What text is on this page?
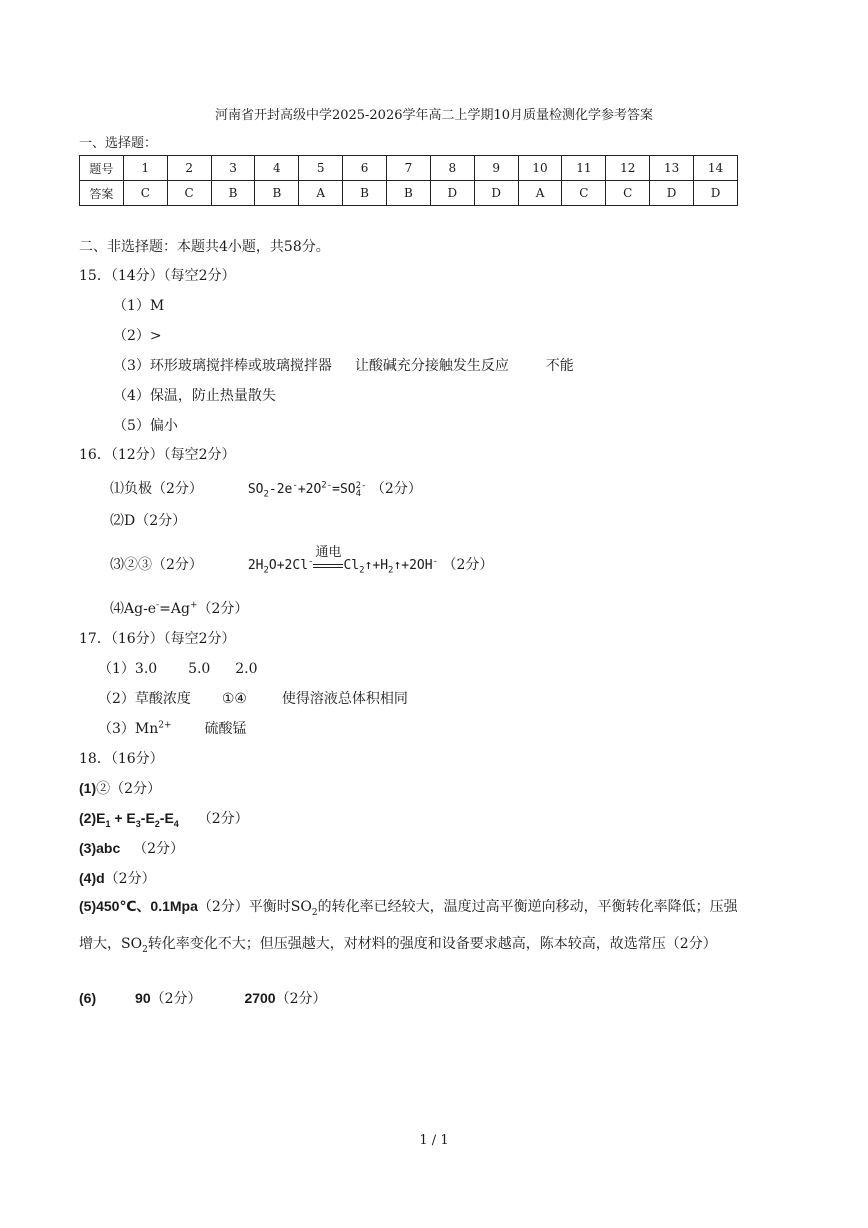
河南省开封高级中学2025-2026学年高二上学期10月质量检测化学参考答案
一、选择题：
题号	1	2	3	4	5	6	7	8	9	10	11	12	13	14
答案	C	C	B	B	A	B	B	D	D	A	C	C	D	D
二、非选择题：本题共4小题，共58分。
15．（14分）（每空2分）
（1）M
（2）>
（3）环形玻璃搅拌棒或玻璃搅拌器 让酸碱充分接触发生反应	不能
（4）保温，防止热量散失
（5）偏小
16．（12分）（每空2分）
⑴负极（2分）	$SO_2-2e^-+2O^{2-}=SO$ 2-
4 （2分）
⑵D（2分）
⑶②③（2分）	$2H_2O+2Cl^-$
通电
$Cl_2↑+H_2↑+2OH^-$ （2分）
⑷Ag-e-=Ag+（2分）
17．（16分）（每空2分）
（1）3.0 5.0 2.0
（2）草酸浓度 ①④ 使得溶液总体积相同
$(3)Mn^{2+}$ 硫酸锰
18．（16分）
(1)②（2分）
$(2)E_1 + E_3-E_2-E_4$ （2分）
(3)abc （2分）
(4)d（2分）
(5)450℃、0.1Mpa（2分）平衡时$SO_2$的转化率已经较大，温度过高平衡逆向移动，平衡转化率降低；压强增大，$SO_2$转化率变化不大；但压强越大，对材料的强度和设备要求越高，陈本较高，故选常压（2分）
(6)	90（2分）	2700（2分）
1 / 1
